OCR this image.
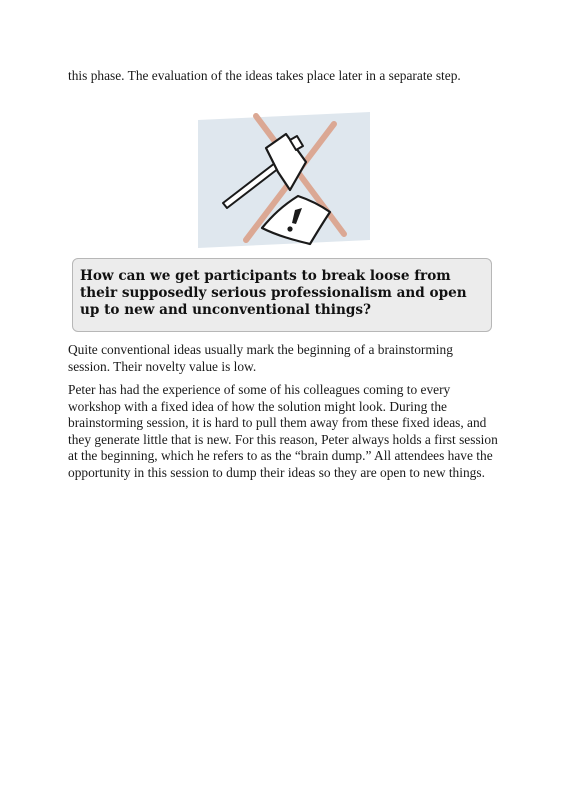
this phase. The evaluation of the ideas takes place later in a separate step.

How can we get participants to break loose from their supposedly serious professionalism and open up to new and unconventional things?

Quite conventional ideas usually mark the beginning of a brainstorming session. Their novelty value is low.

Peter has had the experience of some of his colleagues coming to every workshop with a fixed idea of how the solution might look. During the brainstorming session, it is hard to pull them away from these fixed ideas, and they generate little that is new. For this reason, Peter always holds a first session at the beginning, which he refers to as the “brain dump.” All attendees have the opportunity in this session to dump their ideas so they are open to new things.
